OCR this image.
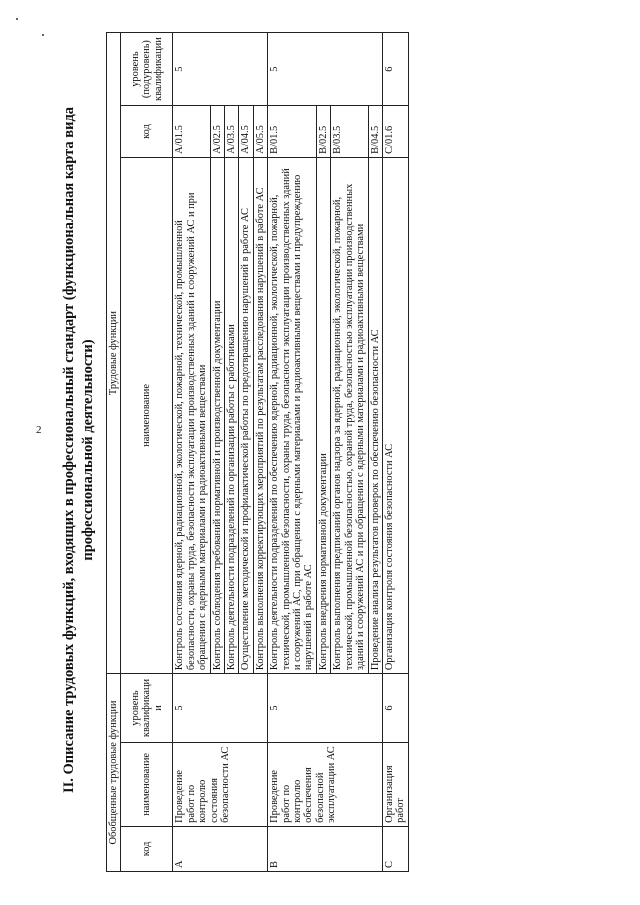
2 II. Описание трудовых функций, входящих в профессиональный стандарт (функциональная карта вида профессиональной деятельности)
Обобщенные трудовые функции			Трудовые функции		
код	наименование	уровень квалификации	наименование	код	уровень (подуровень) квалификации
A	Проведение работ по контролю состояния безопасности АС	5	Контроль состояния ядерной, радиационной, экологической, пожарной, технической, промышленной безопасности, охраны труда, безопасности эксплуатации производственных зданий и сооружений АС и при обращении с ядерными материалами и радиоактивными веществами	A/01.5	5
			Контроль соблюдения требований нормативной и производственной документации	A/02.5	
			Контроль деятельности подразделений по организации работы с работниками	A/03.5	
			Осуществление методической и профилактической работы по предотвращению нарушений в работе АС	A/04.5	
			Контроль выполнения корректирующих мероприятий по результатам расследования нарушений в работе АС	A/05.5	
B	Проведение работ по контролю обеспечения безопасной эксплуатации АС	5	Контроль деятельности подразделений по обеспечению ядерной, радиационной, экологической, пожарной, технической, промышленной безопасности, охраны труда, безопасности эксплуатации производственных зданий и сооружений АС, при обращении с ядерными материалами и радиоактивными веществами и предупреждению нарушений в работе АС	B/01.5	5
			Контроль внедрения нормативной документации	B/02.5	
			Контроль выполнения предписаний органов надзора за ядерной, радиационной, экологической, пожарной, технической, промышленной безопасностью, охраной труда, безопасностью эксплуатации производственных зданий и сооружений АС и при обращении с ядерными материалами и радиоактивными веществами	B/03.5	
			Проведение анализа результатов проверок по обеспечению безопасности АС	B/04.5	
C	Организация работ	6	Организация контроля состояния безопасности АС	C/01.6	6
